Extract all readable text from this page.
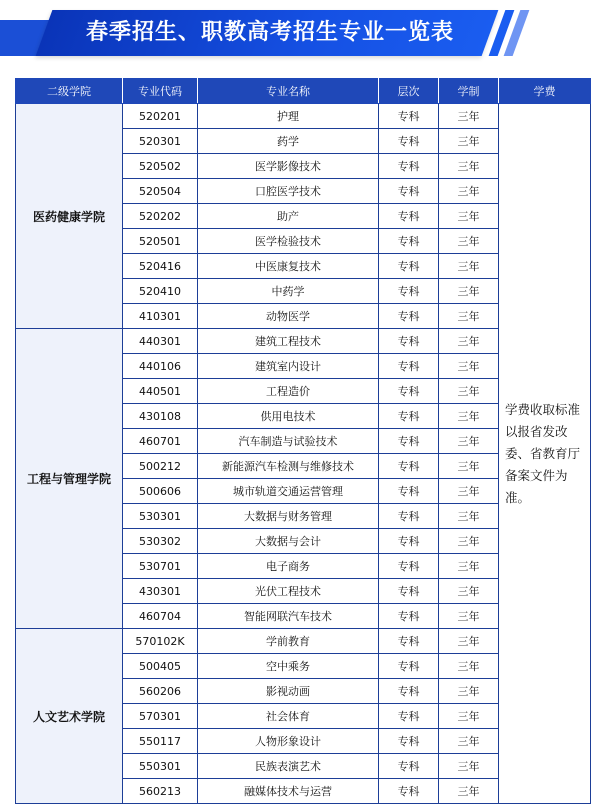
春季招生、职教高考招生专业一览表
二级学院	专业代码	专业名称	层次	学制	学费
医药健康学院	520201	护理	专科	三年	学费收取标准以报省发改委、省教育厅备案文件为准。
	520301	药学	专科	三年	
	520502	医学影像技术	专科	三年	
	520504	口腔医学技术	专科	三年	
	520202	助产	专科	三年	
	520501	医学检验技术	专科	三年	
	520416	中医康复技术	专科	三年	
	520410	中药学	专科	三年	
	410301	动物医学	专科	三年	
工程与管理学院	440301	建筑工程技术	专科	三年	
	440106	建筑室内设计	专科	三年	
	440501	工程造价	专科	三年	
	430108	供用电技术	专科	三年	
	460701	汽车制造与试验技术	专科	三年	
	500212	新能源汽车检测与维修技术	专科	三年	
	500606	城市轨道交通运营管理	专科	三年	
	530301	大数据与财务管理	专科	三年	
	530302	大数据与会计	专科	三年	
	530701	电子商务	专科	三年	
	430301	光伏工程技术	专科	三年	
	460704	智能网联汽车技术	专科	三年	
人文艺术学院	570102K	学前教育	专科	三年	
	500405	空中乘务	专科	三年	
	560206	影视动画	专科	三年	
	570301	社会体育	专科	三年	
	550117	人物形象设计	专科	三年	
	550301	民族表演艺术	专科	三年	
	560213	融媒体技术与运营	专科	三年	
